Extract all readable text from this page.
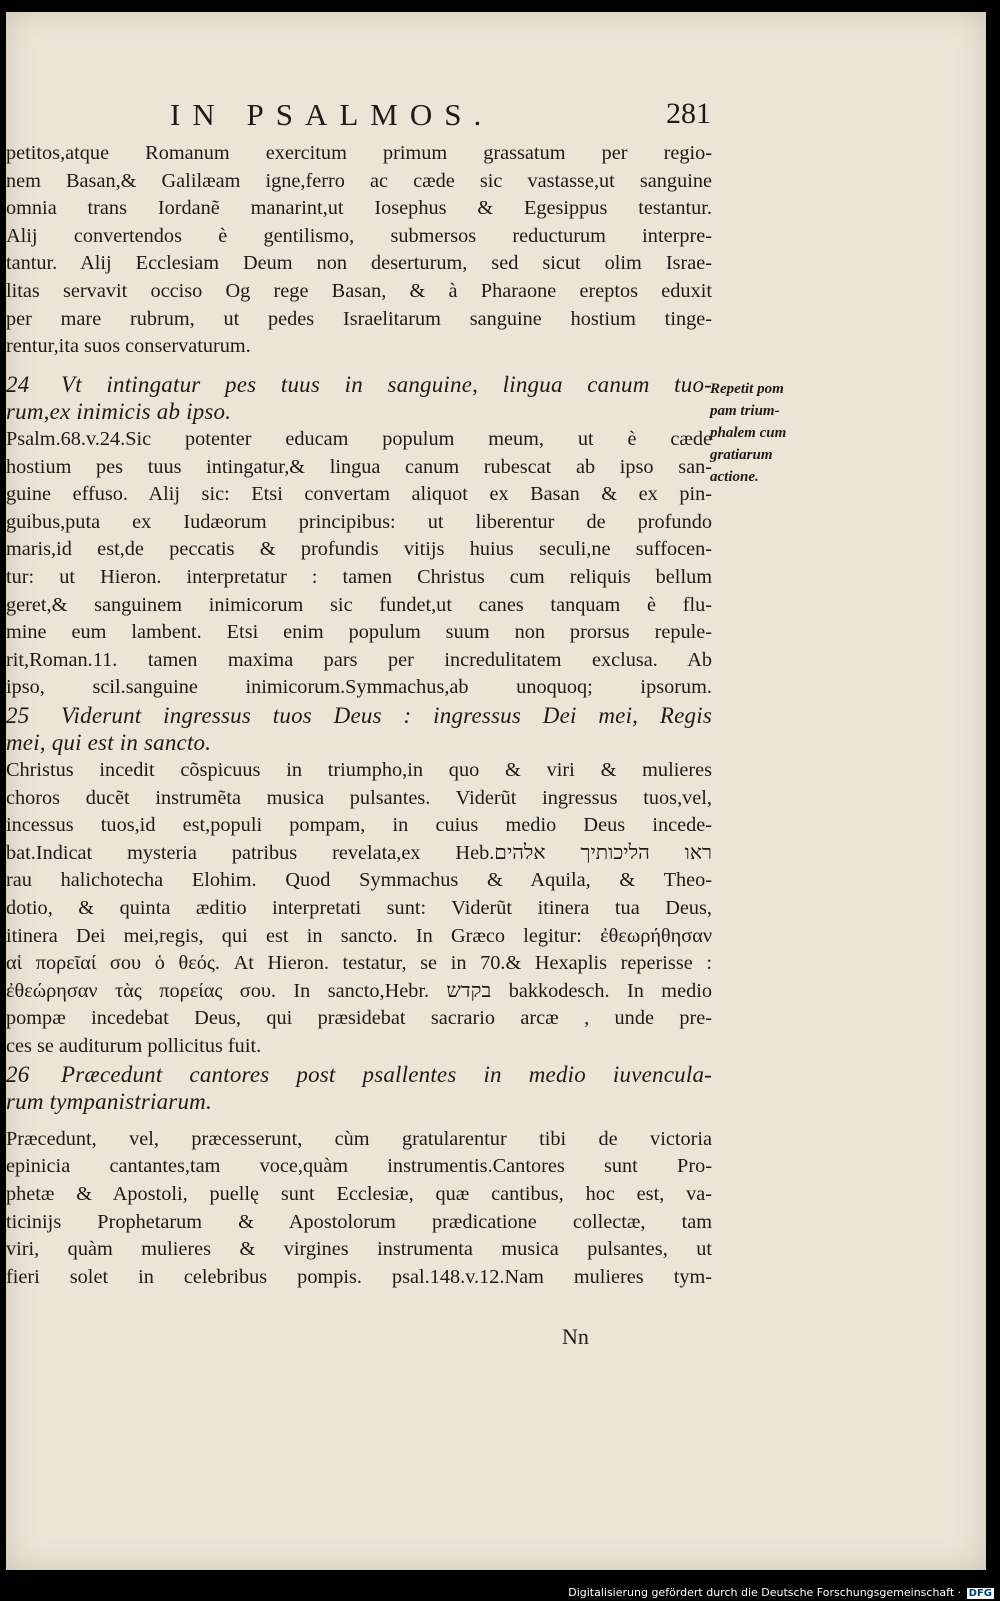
IN PSALMOS.	281
petitos,atque Romanum exercitum primum grassatum per regio-
nem Basan,& Galilæam igne,ferro ac cæde sic vastasse,ut sanguine
omnia trans Iordanẽ manarint,ut Iosephus & Egesippus testantur.
Alij convertendos è gentilismo, submersos reducturum interpre-
tantur. Alij Ecclesiam Deum non deserturum, sed sicut olim Israe-
litas servavit occiso Og rege Basan, & à Pharaone ereptos eduxit
per mare rubrum, ut pedes Israelitarum sanguine hostium tinge-
rentur,ita suos conservaturum.
24 Vt intingatur pes tuus in sanguine, lingua canum tuo-
rum,ex inimicis ab ipso.
Psalm.68.v.24.Sic potenter educam populum meum, ut è cæde
hostium pes tuus intingatur,& lingua canum rubescat ab ipso san-
guine effuso. Alij sic: Etsi convertam aliquot ex Basan & ex pin-
guibus,puta ex Iudæorum principibus: ut liberentur de profundo
maris,id est,de peccatis & profundis vitijs huius seculi,ne suffocen-
tur: ut Hieron. interpretatur : tamen Christus cum reliquis bellum
geret,& sanguinem inimicorum sic fundet,ut canes tanquam è flu-
mine eum lambent. Etsi enim populum suum non prorsus repule-
rit,Roman.11. tamen maxima pars per incredulitatem exclusa. Ab
ipso, scil.sanguine inimicorum.Symmachus,ab unoquoq; ipsorum.
25 Viderunt ingressus tuos Deus : ingressus Dei mei, Regis
mei, qui est in sancto.
Christus incedit cõspicuus in triumpho,in quo & viri & mulieres
choros ducẽt instrumẽta musica pulsantes. Viderũt ingressus tuos,vel,
incessus tuos,id est,populi pompam, in cuius medio Deus incede-
bat.Indicat mysteria patribus revelata,ex Heb.ראו הליכותיך אלהים
rau halichotecha Elohim. Quod Symmachus & Aquila, & Theo-
dotio, & quinta æditio interpretati sunt: Viderũt itinera tua Deus,
itinera Dei mei,regis, qui est in sancto. In Græco legitur: ἐθεωρήθησαν
αἱ πορεῖαί σου ὁ θεός. At Hieron. testatur, se in 70.& Hexaplis reperisse :
ἐθεώρησαν τὰς πορείας σου. In sancto,Hebr. בקדש bakkodesch. In medio
pompæ incedebat Deus, qui præsidebat sacrario arcæ , unde pre-
ces se auditurum pollicitus fuit.
26 Præcedunt cantores post psallentes in medio iuvencula-
rum tympanistriarum.
Præcedunt, vel, præcesserunt, cùm gratularentur tibi de victoria
epinicia cantantes,tam voce,quàm instrumentis.Cantores sunt Pro-
phetæ & Apostoli, puellę sunt Ecclesiæ, quæ cantibus, hoc est, va-
ticinijs Prophetarum & Apostolorum prædicatione collectæ, tam
viri, quàm mulieres & virgines instrumenta musica pulsantes, ut
fieri solet in celebribus pompis. psal.148.v.12.Nam mulieres tym-
Repetit pom
pam trium-
phalem cum
gratiarum
actione.
Nn
Digitalisierung gefördert durch die Deutsche Forschungsgemeinschaft · DFG
